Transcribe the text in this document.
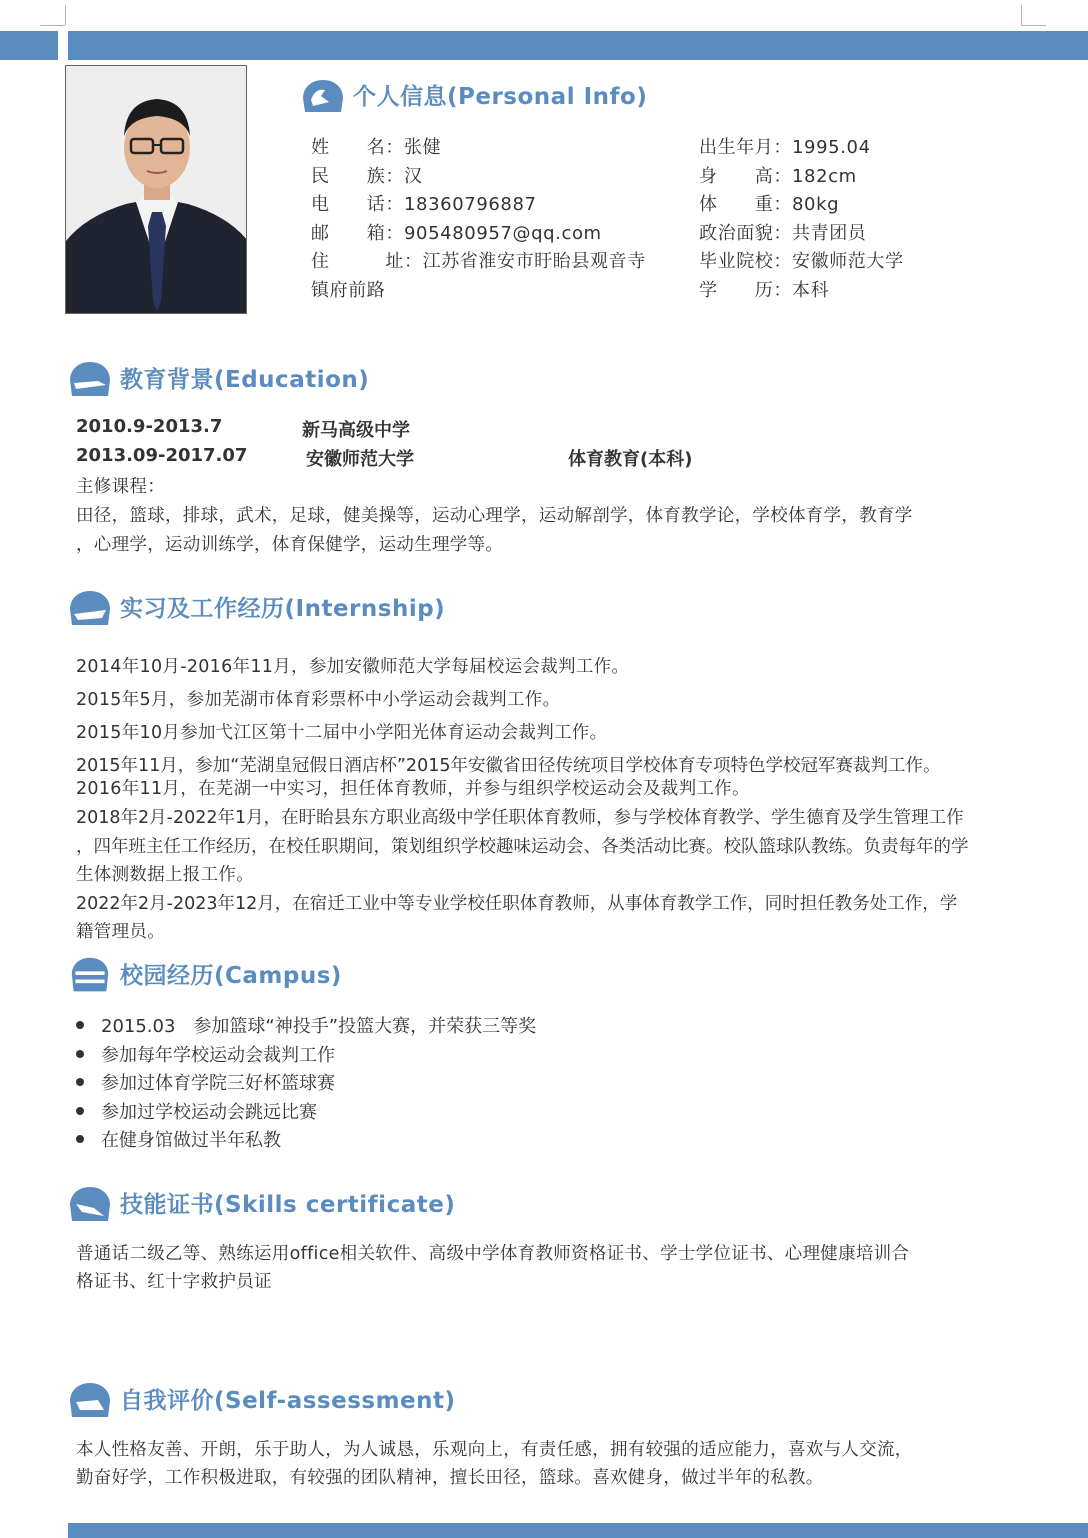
个人信息(Personal Info)
姓　　名：张健
民　　族：汉
电　　话：18360796887
邮　　箱：905480957@qq.com
住　　　址：江苏省淮安市盱眙县观音寺
镇府前路
出生年月：1995.04
身　　高：182cm
体　　重：80kg
政治面貌：共青团员
毕业院校：安徽师范大学
学　　历：本科
教育背景(Education)
2010.9-2013.7	新马高级中学
2013.09-2017.07	安徽师范大学	体育教育(本科)
主修课程：
田径，篮球，排球，武术，足球，健美操等，运动心理学，运动解剖学，体育教学论，学校体育学，教育学
，心理学，运动训练学，体育保健学，运动生理学等。
实习及工作经历(Internship)
2014年10月-2016年11月，参加安徽师范大学每届校运会裁判工作。
2015年5月，参加芜湖市体育彩票杯中小学运动会裁判工作。
2015年10月参加弋江区第十二届中小学阳光体育运动会裁判工作。
2015年11月，参加“芜湖皇冠假日酒店杯”2015年安徽省田径传统项目学校体育专项特色学校冠军赛裁判工作。
2016年11月，在芜湖一中实习，担任体育教师，并参与组织学校运动会及裁判工作。
2018年2月-2022年1月，在盱眙县东方职业高级中学任职体育教师，参与学校体育教学、学生德育及学生管理工作
，四年班主任工作经历，在校任职期间，策划组织学校趣味运动会、各类活动比赛。校队篮球队教练。负责每年的学
生体测数据上报工作。
2022年2月-2023年12月，在宿迁工业中等专业学校任职体育教师，从事体育教学工作，同时担任教务处工作，学
籍管理员。
校园经历(Campus)
2015.03　参加篮球“神投手”投篮大赛，并荣获三等奖
参加每年学校运动会裁判工作
参加过体育学院三好杯篮球赛
参加过学校运动会跳远比赛
在健身馆做过半年私教
技能证书(Skills certificate)
普通话二级乙等、熟练运用office相关软件、高级中学体育教师资格证书、学士学位证书、心理健康培训合
格证书、红十字救护员证
自我评价(Self-assessment)
本人性格友善、开朗，乐于助人，为人诚恳，乐观向上，有责任感，拥有较强的适应能力，喜欢与人交流，
勤奋好学，工作积极进取，有较强的团队精神，擅长田径，篮球。喜欢健身，做过半年的私教。
